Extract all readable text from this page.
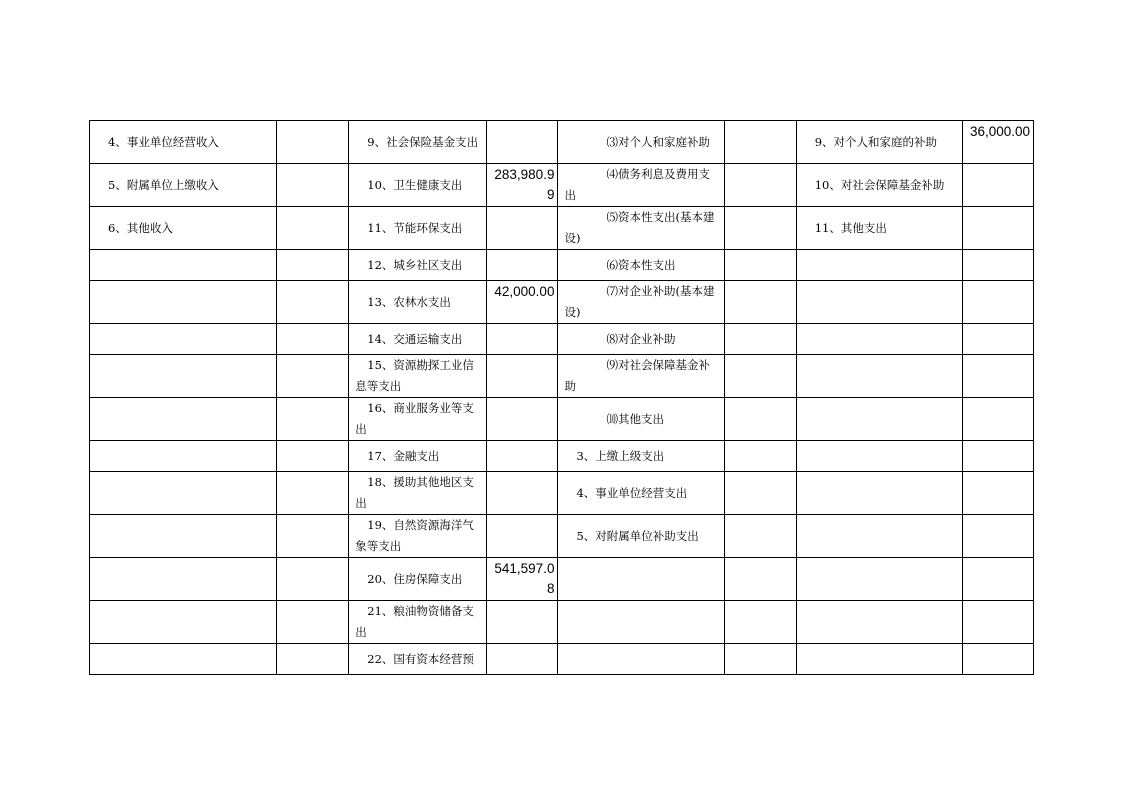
4、事业单位经营收入		9、社会保险基金支出		⑶对个人和家庭补助		9、对个人和家庭的补助	36,000.00

5、附属单位上缴收入		10、卫生健康支出	283,980.99	⑷债务利息及费用支出		10、对社会保障基金补助	

6、其他收入		11、节能环保支出		⑸资本性支出(基本建设)		11、其他支出	

		12、城乡社区支出		⑹资本性支出			

		13、农林水支出	42,000.00	⑺对企业补助(基本建设)			

		14、交通运输支出		⑻对企业补助			

		15、资源勘探工业信息等支出		⑼对社会保障基金补助			

		16、商业服务业等支出		⑽其他支出			

		17、金融支出		3、上缴上级支出			

		18、援助其他地区支出		4、事业单位经营支出			

		19、自然资源海洋气象等支出		5、对附属单位补助支出			

		20、住房保障支出	541,597.08	

		21、粮油物资储备支出					

		22、国有资本经营预					
